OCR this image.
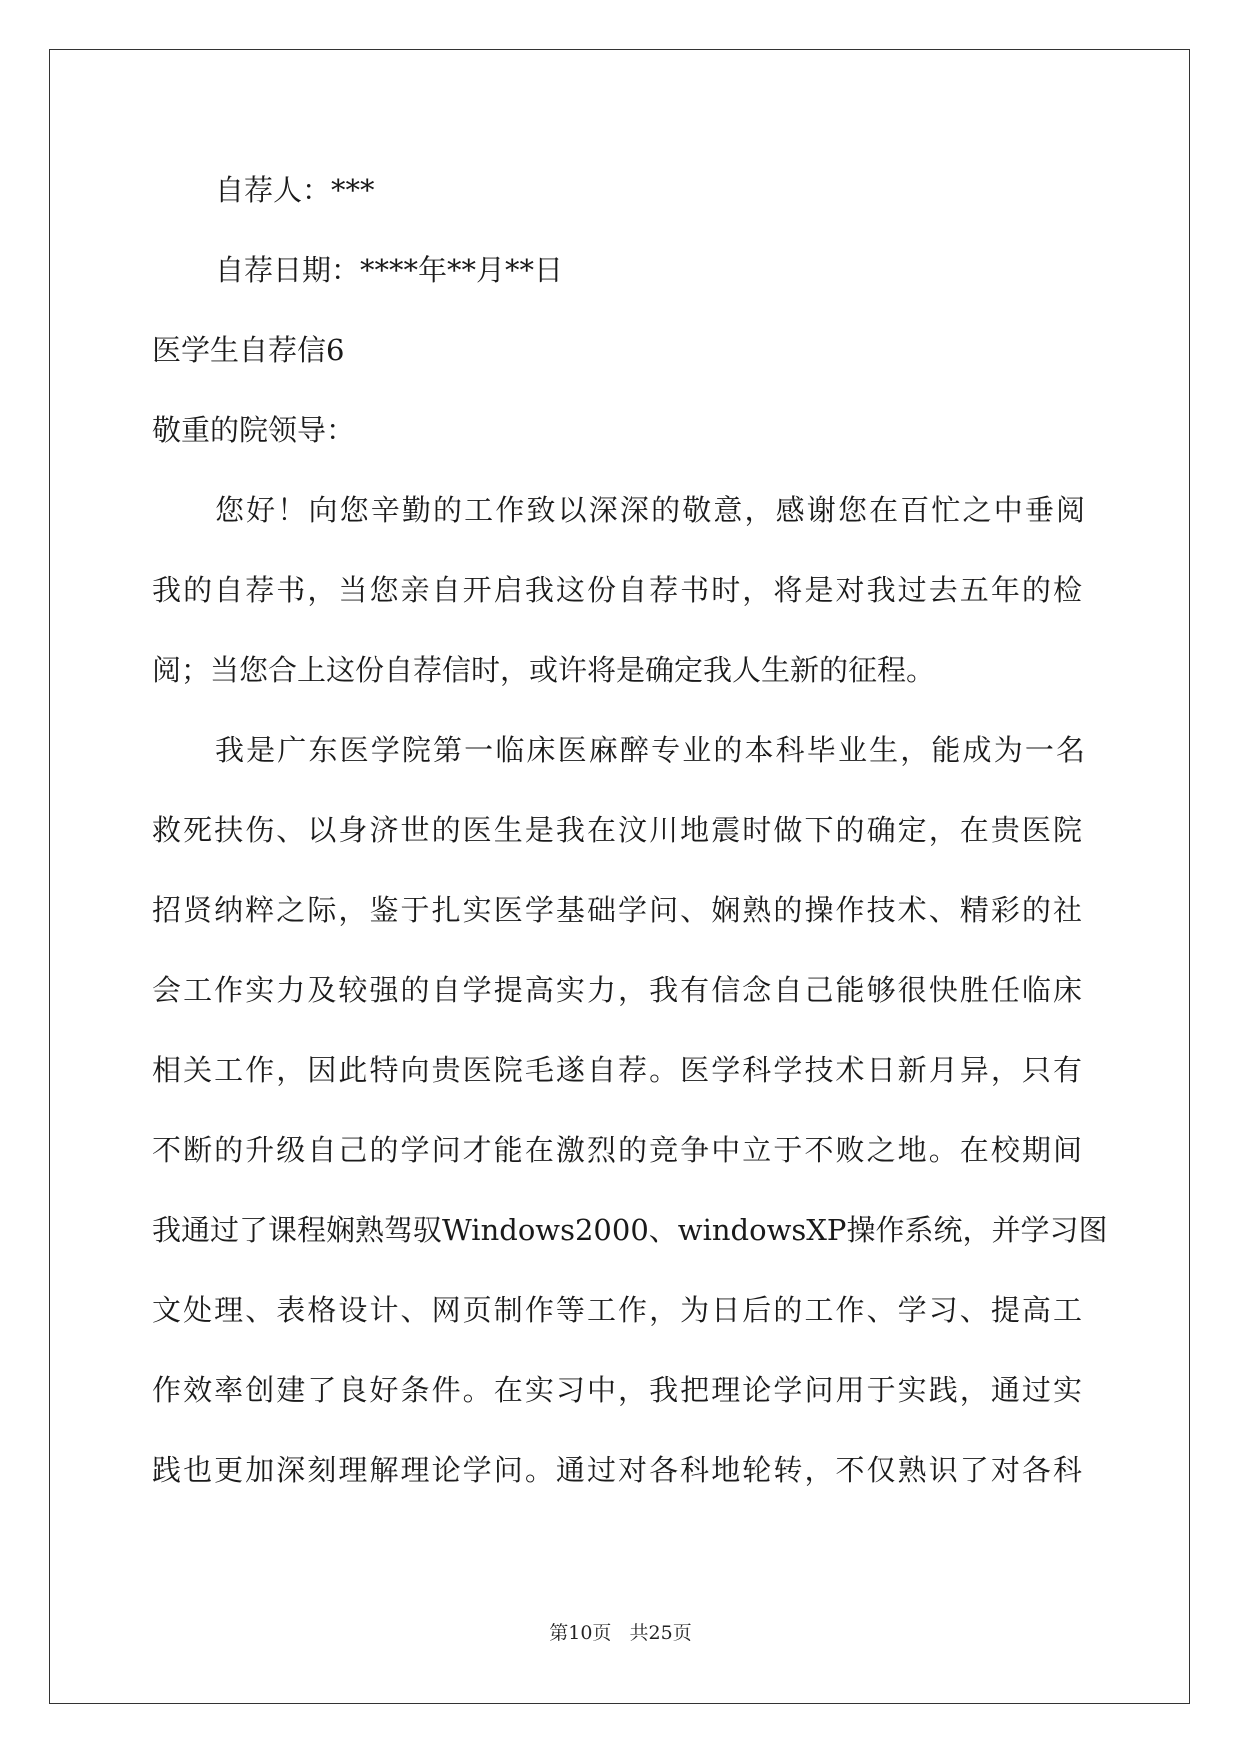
自荐人：***
自荐日期：****年**月**日
医学生自荐信6
敬重的院领导：
您好！向您辛勤的工作致以深深的敬意，感谢您在百忙之中垂阅
我的自荐书，当您亲自开启我这份自荐书时，将是对我过去五年的检
阅；当您合上这份自荐信时，或许将是确定我人生新的征程。
我是广东医学院第一临床医麻醉专业的本科毕业生，能成为一名
救死扶伤、以身济世的医生是我在汶川地震时做下的确定，在贵医院
招贤纳粹之际，鉴于扎实医学基础学问、娴熟的操作技术、精彩的社
会工作实力及较强的自学提高实力，我有信念自己能够很快胜任临床
相关工作，因此特向贵医院毛遂自荐。医学科学技术日新月异，只有
不断的升级自己的学问才能在激烈的竞争中立于不败之地。在校期间
我通过了课程娴熟驾驭Windows2000、windowsXP操作系统，并学习图
文处理、表格设计、网页制作等工作，为日后的工作、学习、提高工
作效率创建了良好条件。在实习中，我把理论学问用于实践，通过实
践也更加深刻理解理论学问。通过对各科地轮转，不仅熟识了对各科
第10页   共25页
